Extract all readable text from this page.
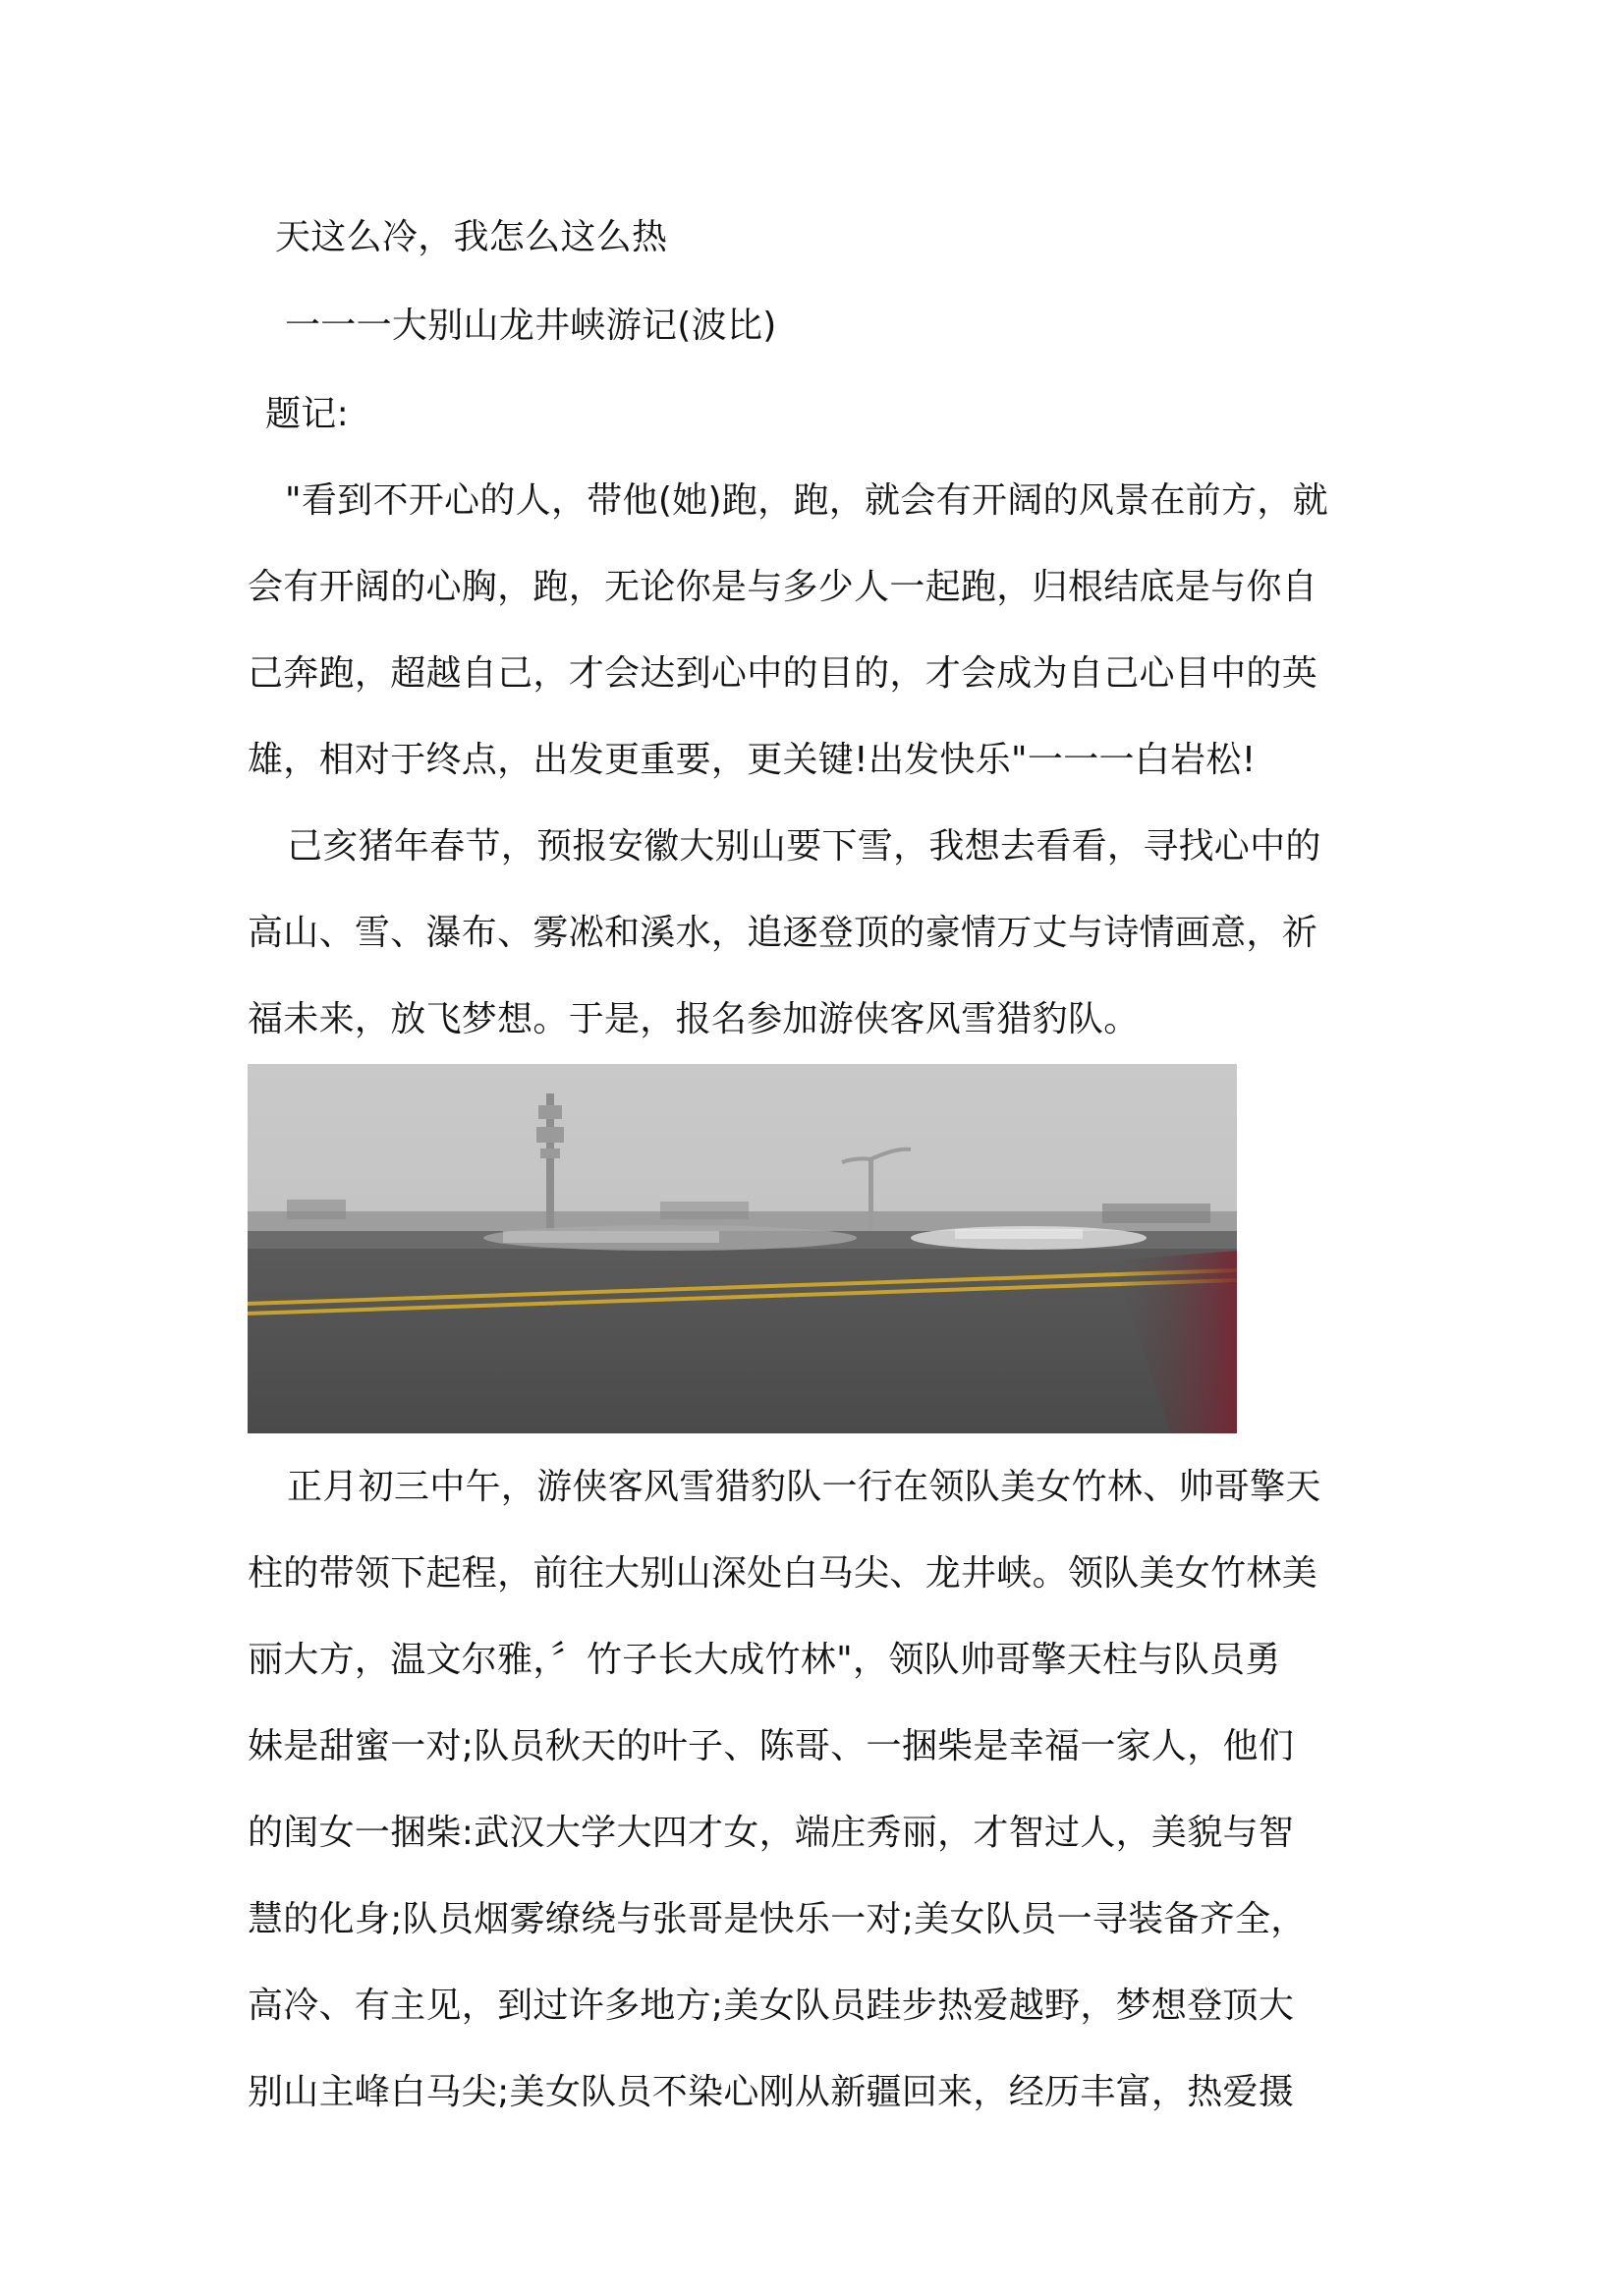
天这么冷，我怎么这么热
一一一大别山龙井峡游记(波比)
题记:
"看到不开心的人，带他(她)跑，跑，就会有开阔的风景在前方，就
会有开阔的心胸，跑，无论你是与多少人一起跑，归根结底是与你自
己奔跑，超越自己，才会达到心中的目的，才会成为自己心目中的英
雄，相对于终点，出发更重要，更关键!出发快乐"一一一白岩松!
己亥猪年春节，预报安徽大别山要下雪，我想去看看，寻找心中的
高山、雪、瀑布、雾凇和溪水，追逐登顶的豪情万丈与诗情画意，祈
福未来，放飞梦想。于是，报名参加游侠客风雪猎豹队。
正月初三中午，游侠客风雪猎豹队一行在领队美女竹林、帅哥擎天
柱的带领下起程，前往大别山深处白马尖、龙井峡。领队美女竹林美
丽大方，温文尔雅，〞竹子长大成竹林"，领队帅哥擎天柱与队员勇
妹是甜蜜一对;队员秋天的叶子、陈哥、一捆柴是幸福一家人，他们
的闺女一捆柴:武汉大学大四才女，端庄秀丽，才智过人，美貌与智
慧的化身;队员烟雾缭绕与张哥是快乐一对;美女队员一寻装备齐全，
高冷、有主见，到过许多地方;美女队员跬步热爱越野，梦想登顶大
别山主峰白马尖;美女队员不染心刚从新疆回来，经历丰富，热爱摄
